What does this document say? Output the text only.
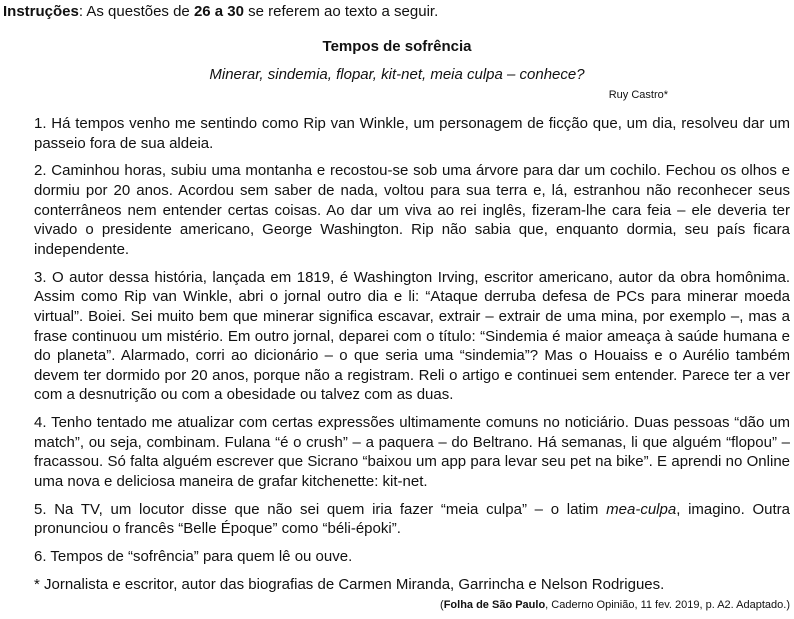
Instruções: As questões de 26 a 30 se referem ao texto a seguir.
Tempos de sofrência
Minerar, sindemia, flopar, kit-net, meia culpa – conhece?
Ruy Castro*

1. Há tempos venho me sentindo como Rip van Winkle, um personagem de ficção que, um dia, resolveu dar um passeio fora de sua aldeia.

2. Caminhou horas, subiu uma montanha e recostou-se sob uma árvore para dar um cochilo. Fechou os olhos e dormiu por 20 anos. Acordou sem saber de nada, voltou para sua terra e, lá, estranhou não reconhecer seus conterrâneos nem entender certas coisas. Ao dar um viva ao rei inglês, fizeram-lhe cara feia – ele deveria ter vivado o presidente americano, George Washington. Rip não sabia que, enquanto dormia, seu país ficara independente.

3. O autor dessa história, lançada em 1819, é Washington Irving, escritor americano, autor da obra homônima. Assim como Rip van Winkle, abri o jornal outro dia e li: “Ataque derruba defesa de PCs para minerar moeda virtual”. Boiei. Sei muito bem que minerar significa escavar, extrair – extrair de uma mina, por exemplo –, mas a frase continuou um mistério. Em outro jornal, deparei com o título: “Sindemia é maior ameaça à saúde humana e do planeta”. Alarmado, corri ao dicionário – o que seria uma “sindemia”? Mas o Houaiss e o Aurélio também devem ter dormido por 20 anos, porque não a registram. Reli o artigo e continuei sem entender. Parece ter a ver com a desnutrição ou com a obesidade ou talvez com as duas.

4. Tenho tentado me atualizar com certas expressões ultimamente comuns no noticiário. Duas pessoas “dão um match”, ou seja, combinam. Fulana “é o crush” – a paquera – do Beltrano. Há semanas, li que alguém “flopou” – fracassou. Só falta alguém escrever que Sicrano “baixou um app para levar seu pet na bike”. E aprendi no Online uma nova e deliciosa maneira de grafar kitchenette: kit-net.

5. Na TV, um locutor disse que não sei quem iria fazer “meia culpa” – o latim mea-culpa, imagino. Outra pronunciou o francês “Belle Époque” como “béli-époki”.

6. Tempos de “sofrência” para quem lê ou ouve.

* Jornalista e escritor, autor das biografias de Carmen Miranda, Garrincha e Nelson Rodrigues.

(Folha de São Paulo, Caderno Opinião, 11 fev. 2019, p. A2. Adaptado.)
